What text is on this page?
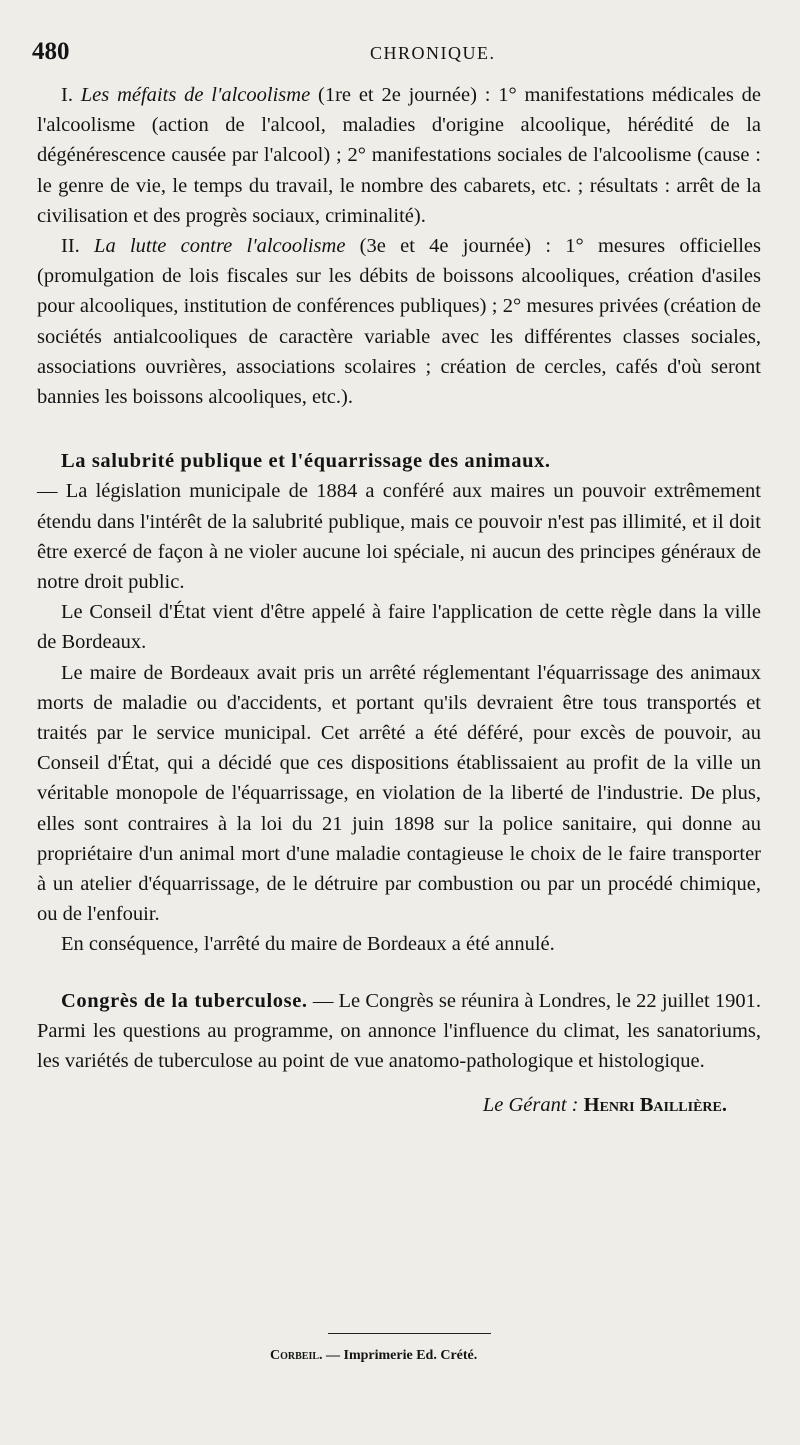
480	CHRONIQUE.

I. Les méfaits de l'alcoolisme (1re et 2e journée) : 1° manifestations médicales de l'alcoolisme (action de l'alcool, maladies d'origine alcoolique, hérédité de la dégénérescence causée par l'alcool) ; 2° manifestations sociales de l'alcoolisme (cause : le genre de vie, le temps du travail, le nombre des cabarets, etc. ; résultats : arrêt de la civilisation et des progrès sociaux, criminalité).

II. La lutte contre l'alcoolisme (3e et 4e journée) : 1° mesures officielles (promulgation de lois fiscales sur les débits de boissons alcooliques, création d'asiles pour alcooliques, institution de conférences publiques) ; 2° mesures privées (création de sociétés antialcooliques de caractère variable avec les différentes classes sociales, associations ouvrières, associations scolaires ; création de cercles, cafés d'où seront bannies les boissons alcooliques, etc.).

La salubrité publique et l'équarrissage des animaux.

— La législation municipale de 1884 a conféré aux maires un pouvoir extrêmement étendu dans l'intérêt de la salubrité publique, mais ce pouvoir n'est pas illimité, et il doit être exercé de façon à ne violer aucune loi spéciale, ni aucun des principes généraux de notre droit public.

Le Conseil d'État vient d'être appelé à faire l'application de cette règle dans la ville de Bordeaux.

Le maire de Bordeaux avait pris un arrêté réglementant l'équarrissage des animaux morts de maladie ou d'accidents, et portant qu'ils devraient être tous transportés et traités par le service municipal. Cet arrêté a été déféré, pour excès de pouvoir, au Conseil d'État, qui a décidé que ces dispositions établissaient au profit de la ville un véritable monopole de l'équarrissage, en violation de la liberté de l'industrie. De plus, elles sont contraires à la loi du 21 juin 1898 sur la police sanitaire, qui donne au propriétaire d'un animal mort d'une maladie contagieuse le choix de le faire transporter à un atelier d'équarrissage, de le détruire par combustion ou par un procédé chimique, ou de l'enfouir.

En conséquence, l'arrêté du maire de Bordeaux a été annulé.

Congrès de la tuberculose. — Le Congrès se réunira à Londres, le 22 juillet 1901. Parmi les questions au programme, on annonce l'influence du climat, les sanatoriums, les variétés de tuberculose au point de vue anatomo-pathologique et histologique.

Le Gérant : Henri Baillière.

Corbeil. — Imprimerie Ed. Crété.
